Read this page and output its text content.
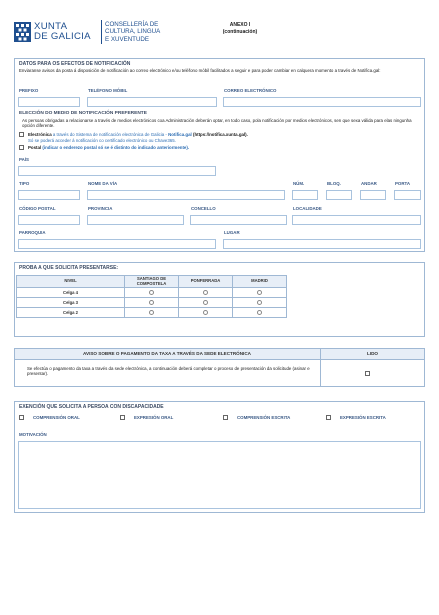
XUNTA
DE GALICIA
CONSELLERÍA DE
CULTURA, LINGUA
E XUVENTUDE
ANEXO I
(continuación)
DATOS PARA OS EFECTOS DE NOTIFICACIÓN
Enviaranse avisos da posta á disposición de notificación ao correo electrónico e/ou teléfono móbil facilitados a seguir e para poder cambiar en calquera momento a través de Notifica.gal:
PREFIXO	TELÉFONO MÓBIL	CORREO ELECTRÓNICO
ELECCIÓN DO MEDIO DE NOTIFICACIÓN PREFERENTE
As persoas obrigadas a relacionarse a través de medios electrónicos coa Administración deberán optar, en todo caso, pola notificación por medios electrónicos, sen que sexa válida para elas ningunha opción diferente.
Electrónica a través do Sistema de notificación electrónica de Galicia - Notifica.gal (https://notifica.xunta.gal).
Só se poderá acceder á notificación co certificado electrónico ou Chave365.
Postal (indicar o enderezo postal só se é distinto do indicado anteriormente).
PAÍS
TIPO	NOME DA VÍA	NÚM.	BLOQ.	ANDAR	PORTA
CÓDIGO POSTAL	PROVINCIA	CONCELLO	LOCALIDADE
PARROQUIA	LUGAR
PROBA A QUE SOLICITA PRESENTARSE:
NIVEL	SANTIAGO DE COMPOSTELA	PONFERRADA	MADRID	
Celga 4				
Celga 3				
Celga 2				
AVISO SOBRE O PAGAMENTO DA TAXA A TRAVÉS DA SEDE ELECTRÓNICA	LIDO
Se efectúa o pagamento da taxa a través da sede electrónica, a continuación deberá completar o proceso de presentación da solicitude (asinar e presentar).
EXENCIÓN QUE SOLICITA A PERSOA CON DISCAPACIDADE
COMPRENSIÓN ORAL	EXPRESIÓN ORAL	COMPRENSIÓN ESCRITA	EXPRESIÓN ESCRITA
MOTIVACIÓN
